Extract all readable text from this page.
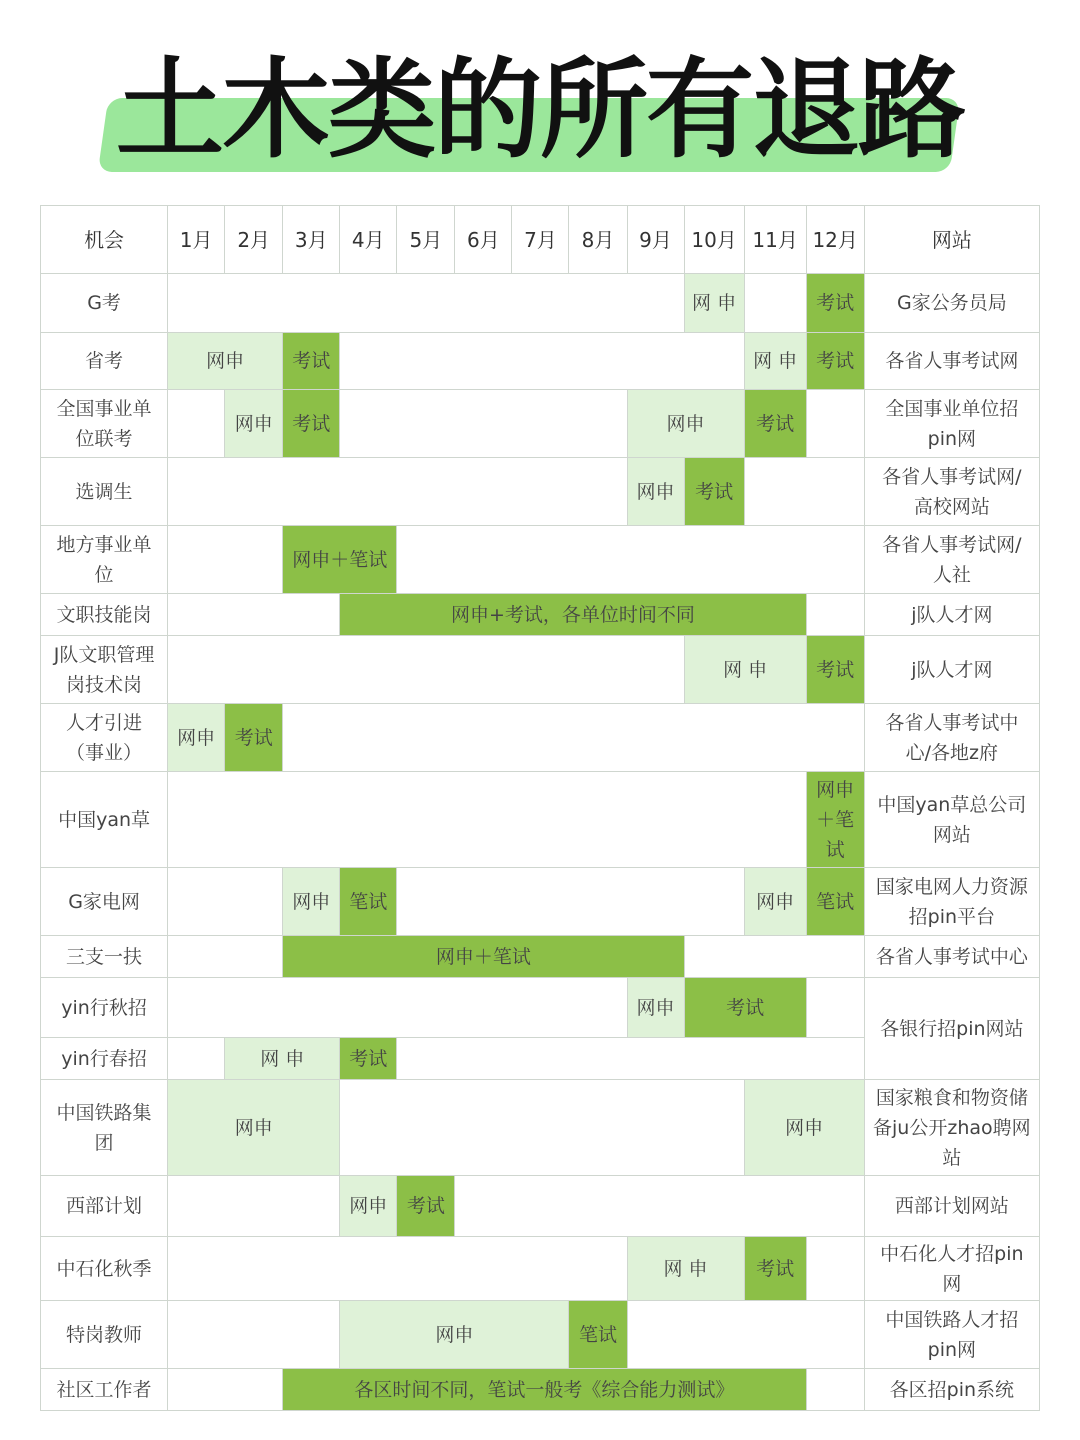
土木类的所有退路
机会	1月	2月	3月	4月	5月	6月	7月	8月	9月	10月	11月	12月	网站
G考										网 申		考试	G家公务员局
省考	网申		考试								网 申	考试	各省人事考试网
全国事业单位联考		网申	考试						网申		考试		全国事业单位招pin网
选调生									网申	考试			各省人事考试网/高校网站
地方事业单位			网申＋笔试										各省人事考试网/人社
文职技能岗				网申+考试，各单位时间不同									j队人才网
J队文职管理岗技术岗										网 申		考试	j队人才网
人才引进（事业）	网申	考试											各省人事考试中心/各地z府
中国yan草												网申＋笔试	中国yan草总公司网站
G家电网			网申	笔试							网申	笔试	国家电网人力资源招pin平台
三支一扶			网申＋笔试										各省人事考试中心
yin行秋招									网申	考试			各银行招pin网站
yin行春招		网 申		考试									
中国铁路集团	网申										网申		国家粮食和物资储备ju公开zhao聘网站
西部计划				网申	考试								西部计划网站
中石化秋季									网 申		考试		中石化人才招pin网
特岗教师				网申				笔试					中国铁路人才招pin网
社区工作者			各区时间不同，笔试一般考《综合能力测试》										各区招pin系统
